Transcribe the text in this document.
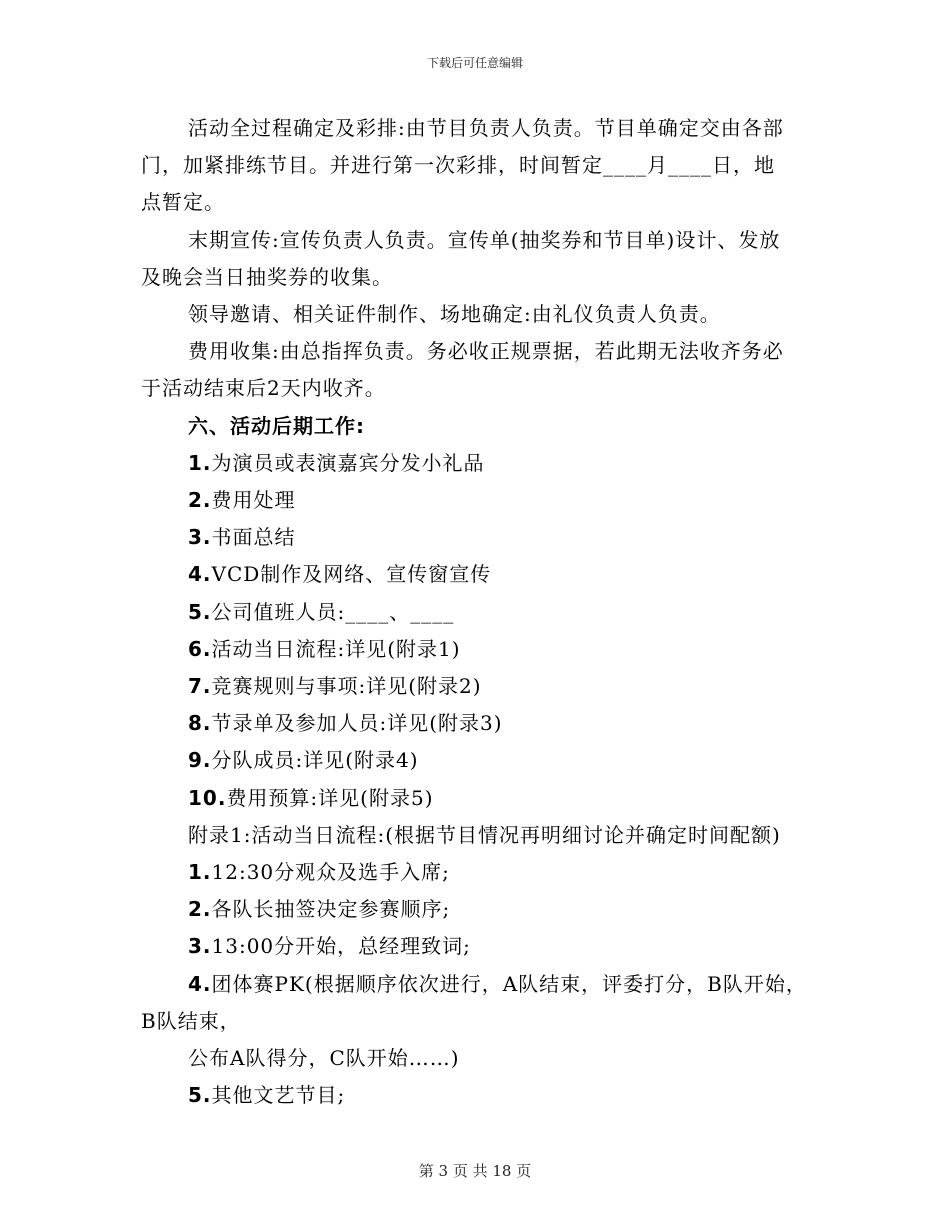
下载后可任意编辑
活动全过程确定及彩排:由节目负责人负责。节目单确定交由各部
门，加紧排练节目。并进行第一次彩排，时间暂定____月____日，地
点暂定。
末期宣传:宣传负责人负责。宣传单(抽奖券和节目单)设计、发放
及晚会当日抽奖券的收集。
领导邀请、相关证件制作、场地确定:由礼仪负责人负责。
费用收集:由总指挥负责。务必收正规票据，若此期无法收齐务必
于活动结束后2天内收齐。
六、活动后期工作:
1.为演员或表演嘉宾分发小礼品
2.费用处理
3.书面总结
4.VCD制作及网络、宣传窗宣传
5.公司值班人员:____、____
6.活动当日流程:详见(附录1)
7.竞赛规则与事项:详见(附录2)
8.节录单及参加人员:详见(附录3)
9.分队成员:详见(附录4)
10.费用预算:详见(附录5)
附录1:活动当日流程:(根据节目情况再明细讨论并确定时间配额)
1.12:30分观众及选手入席;
2.各队长抽签决定参赛顺序;
3.13:00分开始，总经理致词;
4.团体赛PK(根据顺序依次进行，A队结束，评委打分，B队开始，
B队结束，
公布A队得分，C队开始……)
5.其他文艺节目;
第 3 页 共 18 页
